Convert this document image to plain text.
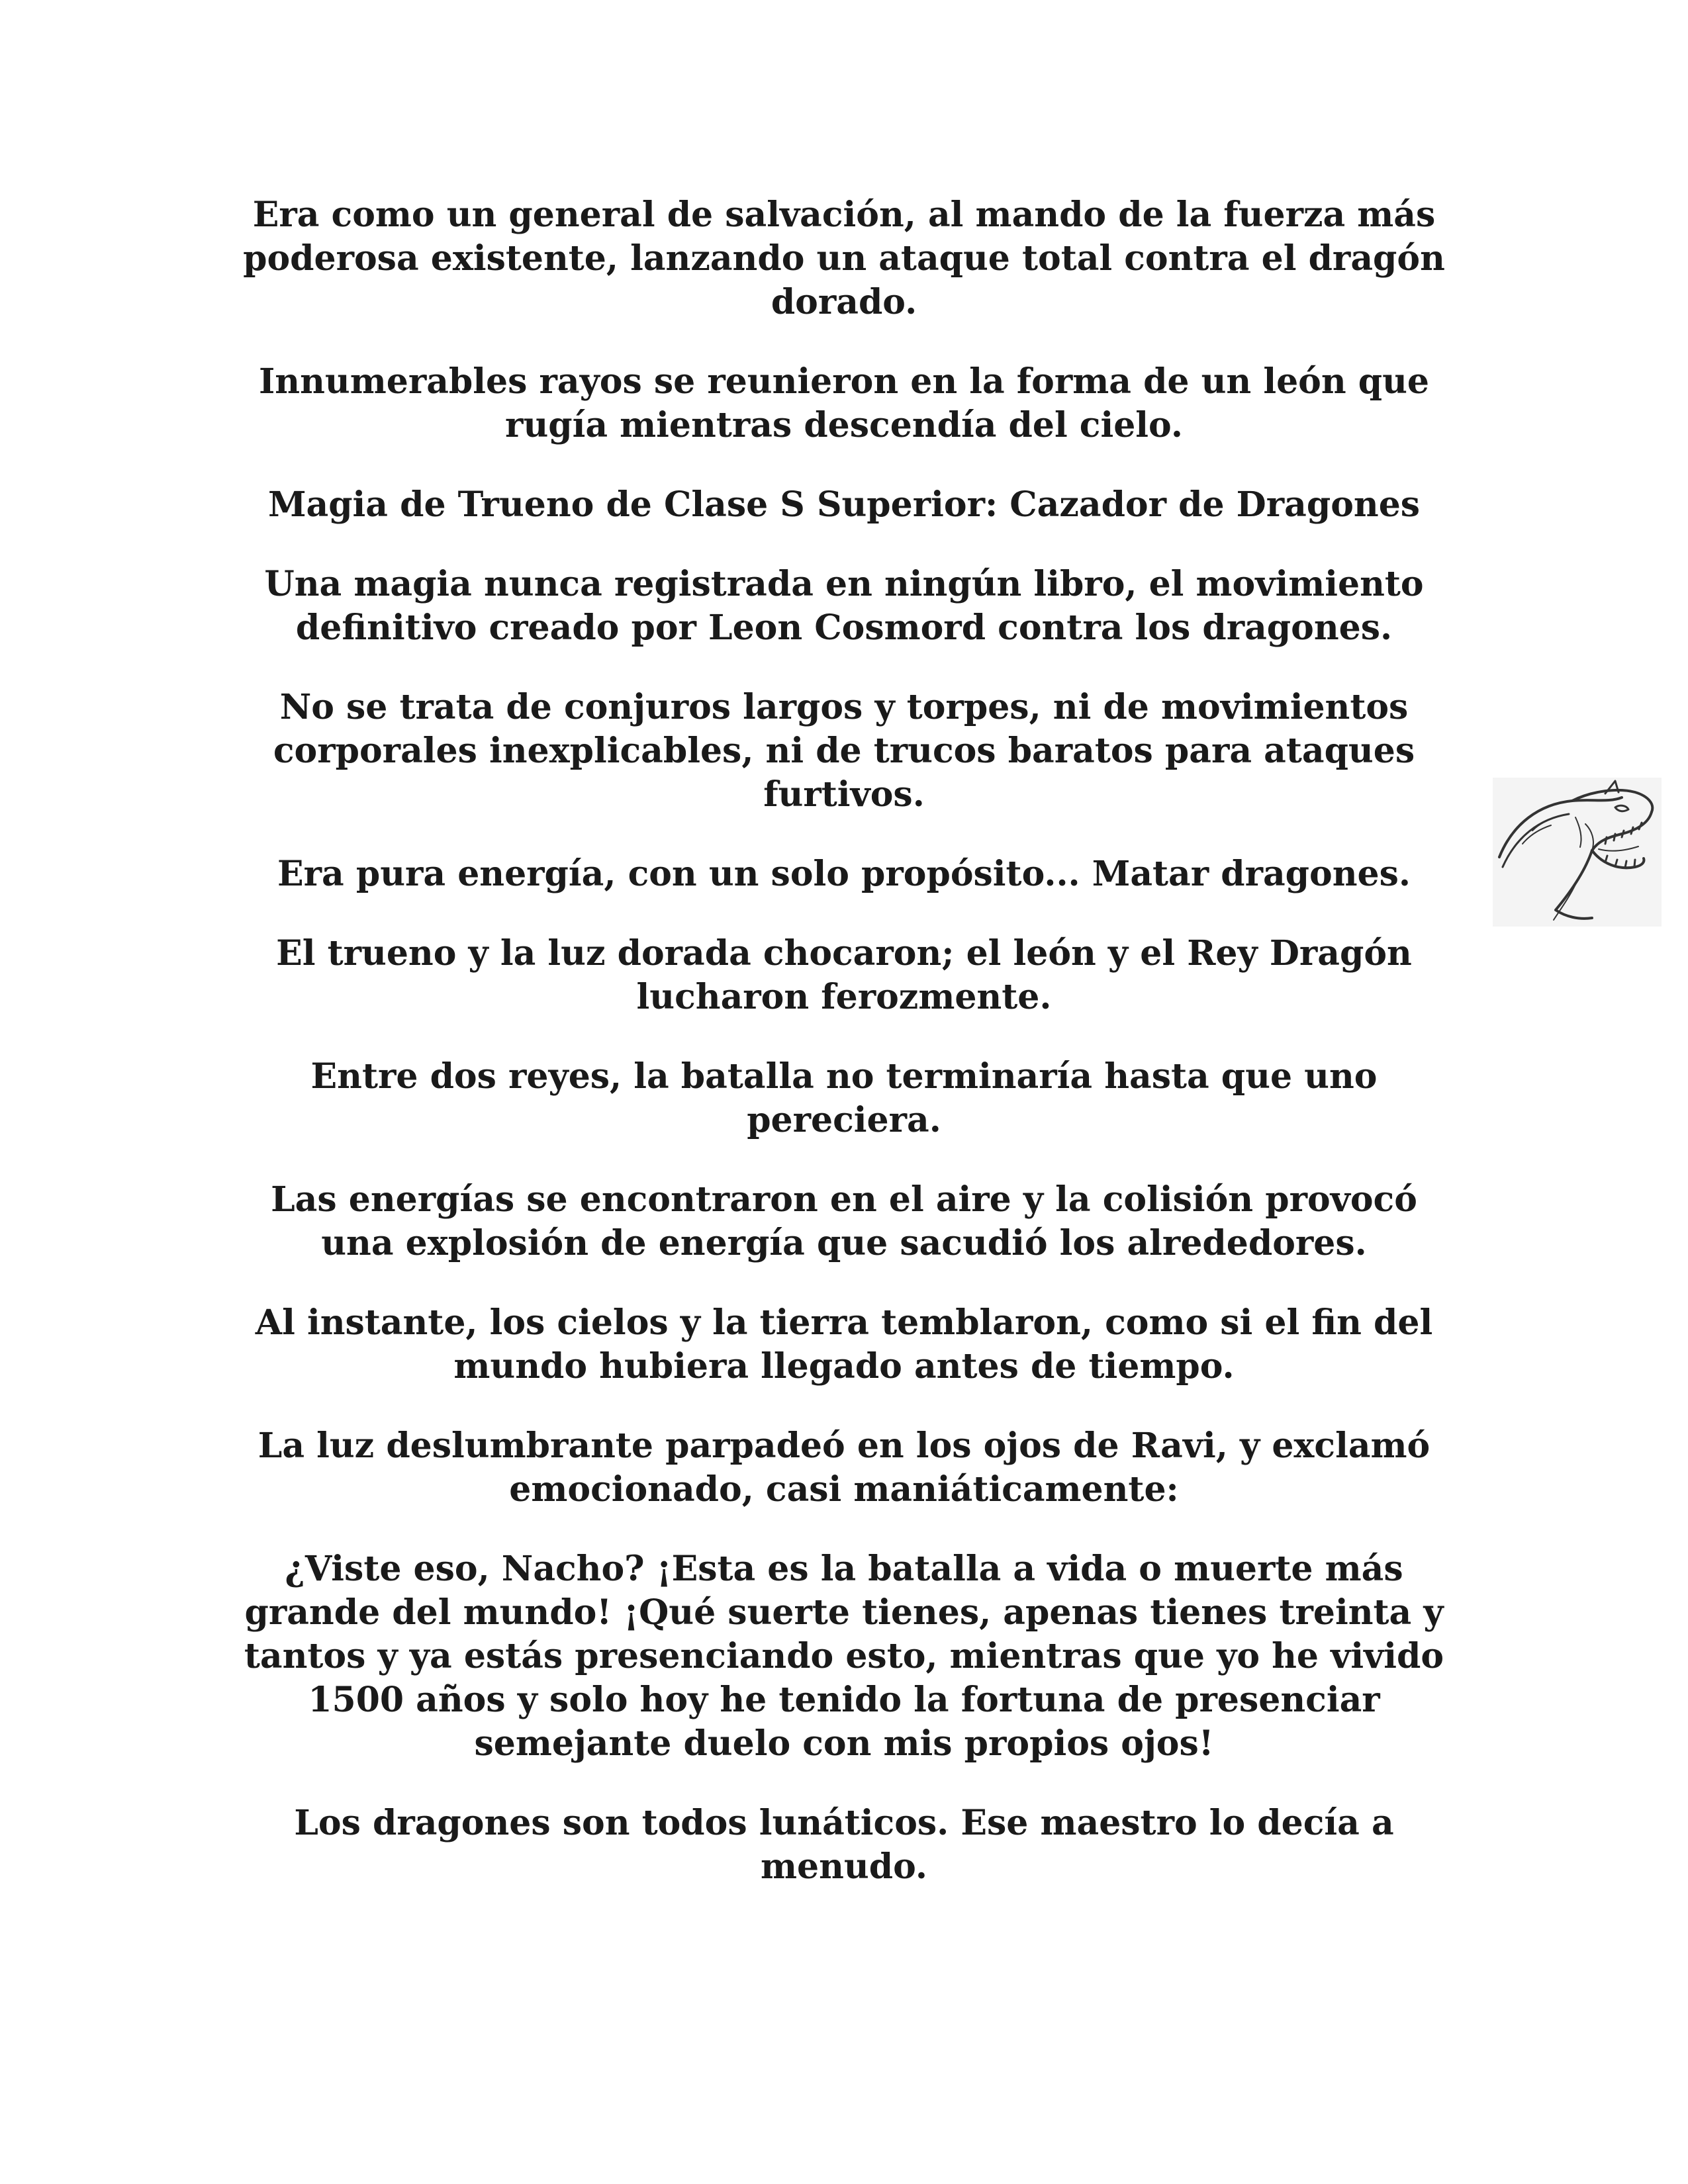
Era como un general de salvación, al mando de la fuerza más
poderosa existente, lanzando un ataque total contra el dragón
dorado.

Innumerables rayos se reunieron en la forma de un león que
rugía mientras descendía del cielo.

Magia de Trueno de Clase S Superior: Cazador de Dragones

Una magia nunca registrada en ningún libro, el movimiento
definitivo creado por Leon Cosmord contra los dragones.

No se trata de conjuros largos y torpes, ni de movimientos
corporales inexplicables, ni de trucos baratos para ataques
furtivos.

Era pura energía, con un solo propósito... Matar dragones.

El trueno y la luz dorada chocaron; el león y el Rey Dragón
lucharon ferozmente.

Entre dos reyes, la batalla no terminaría hasta que uno
pereciera.

Las energías se encontraron en el aire y la colisión provocó
una explosión de energía que sacudió los alrededores.

Al instante, los cielos y la tierra temblaron, como si el fin del
mundo hubiera llegado antes de tiempo.

La luz deslumbrante parpadeó en los ojos de Ravi, y exclamó
emocionado, casi maniáticamente:

¿Viste eso, Nacho? ¡Esta es la batalla a vida o muerte más
grande del mundo! ¡Qué suerte tienes, apenas tienes treinta y
tantos y ya estás presenciando esto, mientras que yo he vivido
1500 años y solo hoy he tenido la fortuna de presenciar
semejante duelo con mis propios ojos!

Los dragones son todos lunáticos. Ese maestro lo decía a
menudo.
